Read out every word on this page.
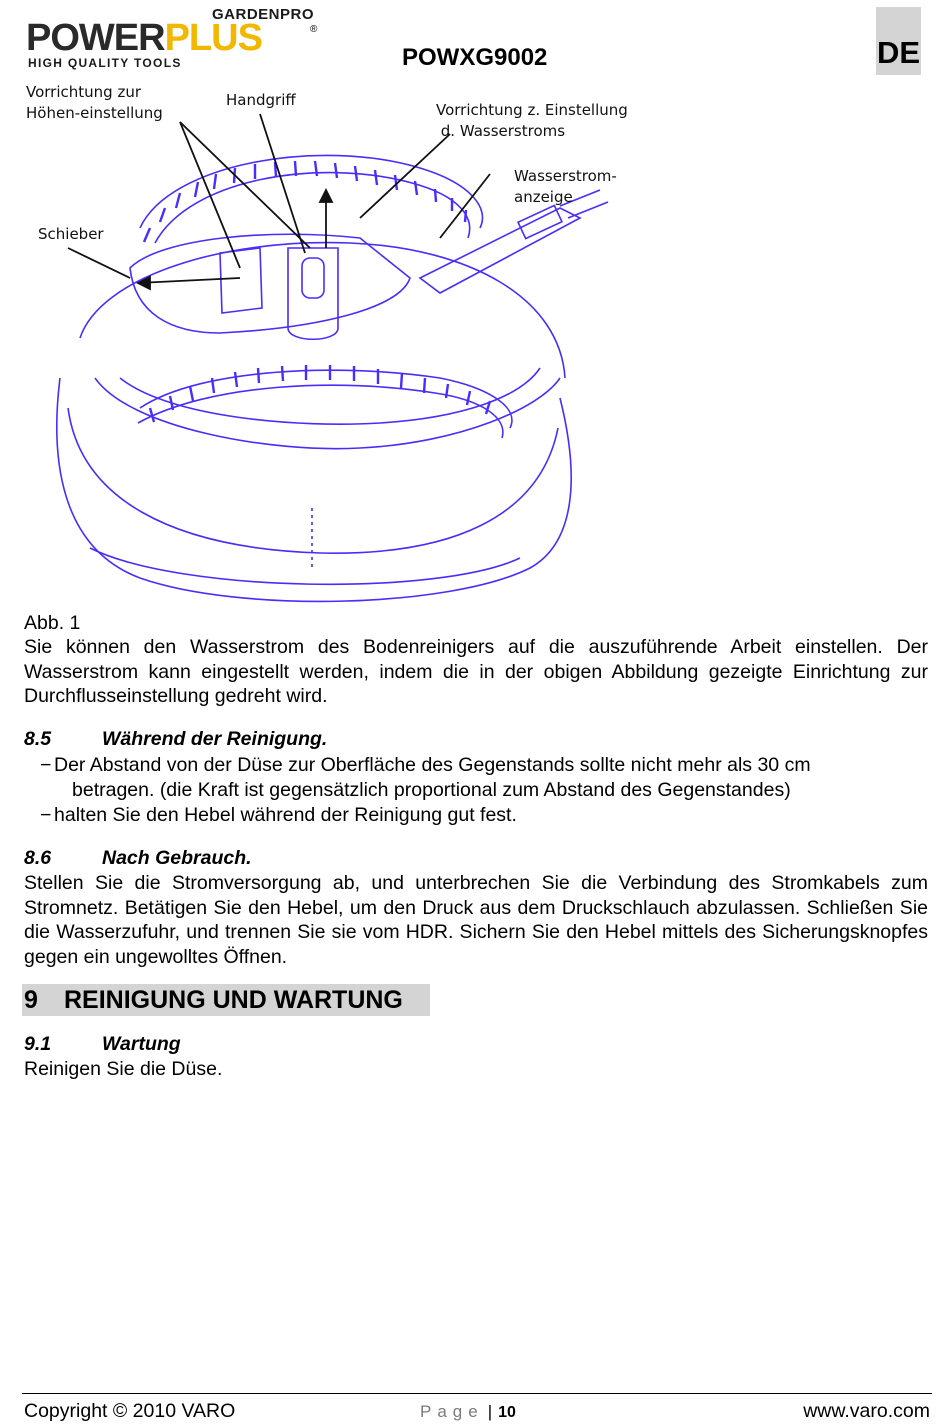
GARDENPRO
POWERPLUS	®
HIGH QUALITY TOOLS	POWXG9002	DE
Vorrichtung zur
Höhen-einstellung
Handgriff
Vorrichtung z. Einstellung
d. Wasserstroms
Wasserstrom-
anzeige
Schieber
Abb. 1
Sie können den Wasserstrom des Bodenreinigers auf die auszuführende Arbeit einstellen. Der Wasserstrom kann eingestellt werden, indem die in der obigen Abbildung gezeigte Einrichtung zur Durchflusseinstellung gedreht wird.
8.5	Während der Reinigung.
− Der Abstand von der Düse zur Oberfläche des Gegenstands sollte nicht mehr als 30 cm
betragen. (die Kraft ist gegensätzlich proportional zum Abstand des Gegenstandes)
− halten Sie den Hebel während der Reinigung gut fest.
8.6	Nach Gebrauch.
Stellen Sie die Stromversorgung ab, und unterbrechen Sie die Verbindung des Stromkabels zum Stromnetz. Betätigen Sie den Hebel, um den Druck aus dem Druckschlauch abzulassen. Schließen Sie die Wasserzufuhr, und trennen Sie sie vom HDR. Sichern Sie den Hebel mittels des Sicherungsknopfes gegen ein ungewolltes Öffnen.
9 REINIGUNG UND WARTUNG
9.1	Wartung
Reinigen Sie die Düse.
Copyright © 2010 VARO	Page | 10	www.varo.com
